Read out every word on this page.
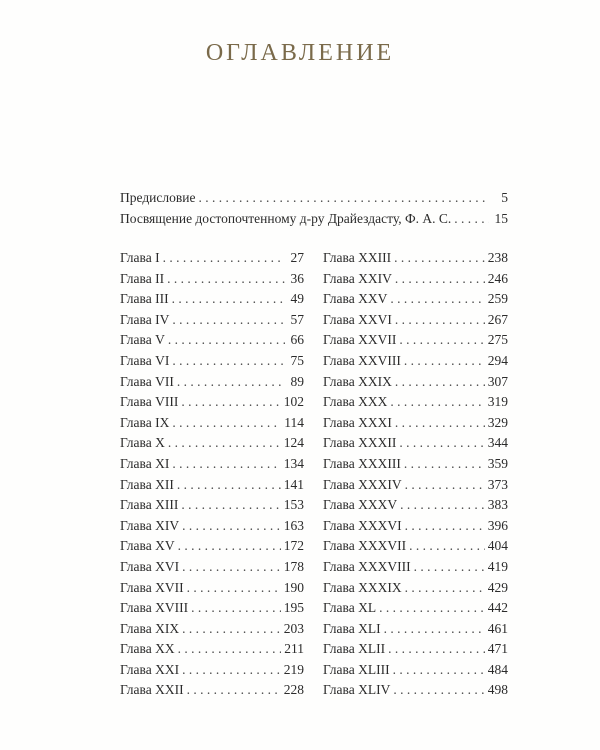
ОГЛАВЛЕНИЕ
Предисловие . . .	5
Посвящение достопочтенному д-ру Драйездасту, Ф. А. С. . . .	15
Глава I . . .	27
Глава II . . .	36
Глава III . . .	49
Глава IV . . .	57
Глава V . . .	66
Глава VI . . .	75
Глава VII . . .	89
Глава VIII . . .	102
Глава IX . . .	114
Глава X . . .	124
Глава XI . . .	134
Глава XII . . .	141
Глава XIII . . .	153
Глава XIV . . .	163
Глава XV . . .	172
Глава XVI . . .	178
Глава XVII . . .	190
Глава XVIII . . .	195
Глава XIX . . .	203
Глава XX . . .	211
Глава XXI . . .	219
Глава XXII . . .	228
Глава XXIII . . .	238
Глава XXIV . . .	246
Глава XXV . . .	259
Глава XXVI . . .	267
Глава XXVII . . .	275
Глава XXVIII . . .	294
Глава XXIX . . .	307
Глава XXX . . .	319
Глава XXXI . . .	329
Глава XXXII . . .	344
Глава XXXIII . . .	359
Глава XXXIV . . .	373
Глава XXXV . . .	383
Глава XXXVI . . .	396
Глава XXXVII . . .	404
Глава XXXVIII . . .	419
Глава XXXIX . . .	429
Глава XL . . .	442
Глава XLI . . .	461
Глава XLII . . .	471
Глава XLIII . . .	484
Глава XLIV . . .	498
